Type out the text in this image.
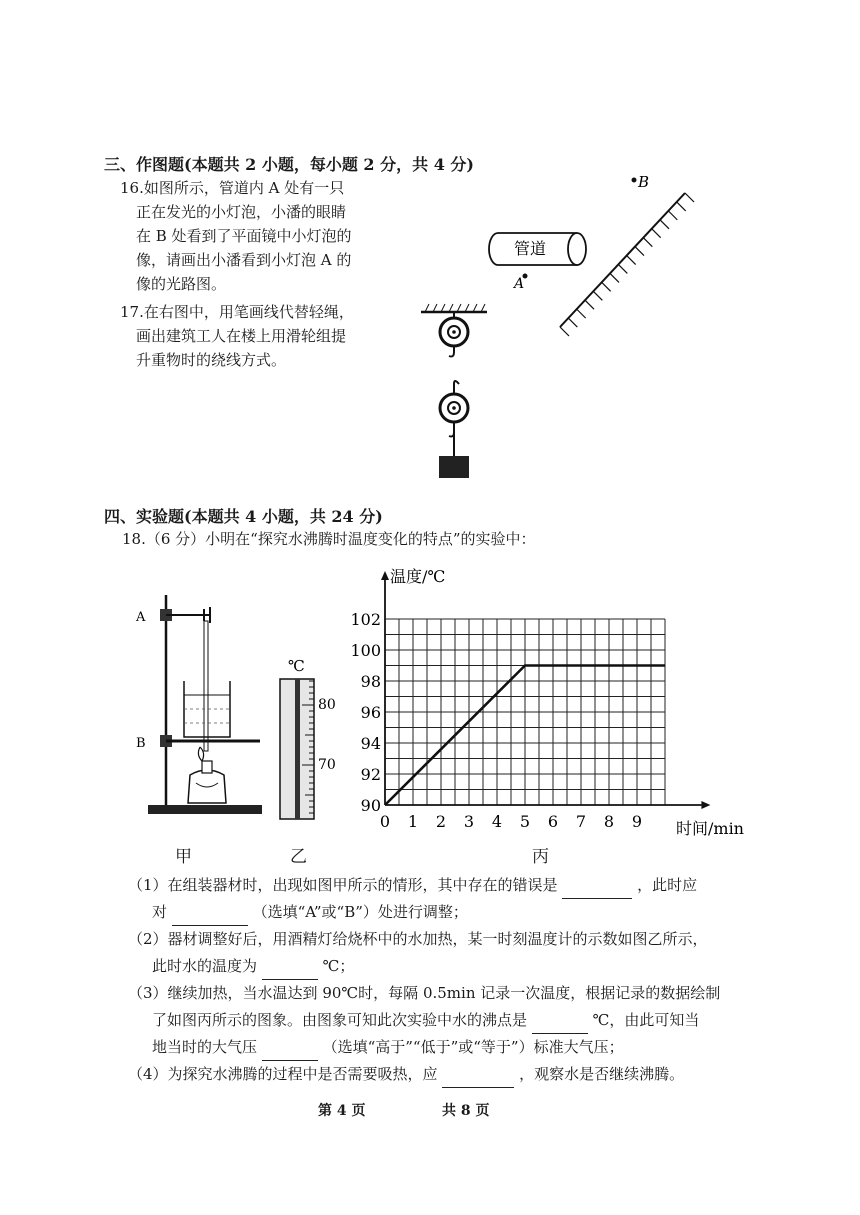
三、作图题(本题共 2 小题，每小题 2 分，共 4 分)
16.如图所示，管道内 A 处有一只
正在发光的小灯泡，小潘的眼睛
在 B 处看到了平面镜中小灯泡的
像，请画出小潘看到小灯泡 A 的
像的光路图。
17.在右图中，用笔画线代替轻绳，
画出建筑工人在楼上用滑轮组提
升重物时的绕线方式。
B
管道
A
四、实验题(本题共 4 小题，共 24 分)
18.（6 分）小明在“探究水沸腾时温度变化的特点”的实验中：
A
B
℃
80
70
0 1 2 3 4 5 6 7 8 9
90
92
94
96
98
100
102
温度/℃
时间/min
甲	乙	丙
（1）在组装器材时，出现如图甲所示的情形，其中存在的错误是	，此时应
对	（选填“A”或“B”）处进行调整；
（2）器材调整好后，用酒精灯给烧杯中的水加热，某一时刻温度计的示数如图乙所示，
此时水的温度为	℃；
（3）继续加热，当水温达到 90℃时，每隔 0.5min 记录一次温度，根据记录的数据绘制
了如图丙所示的图象。由图象可知此次实验中水的沸点是	℃，由此可知当
地当时的大气压	（选填“高于”“低于”或“等于”）标准大气压；
（4）为探究水沸腾的过程中是否需要吸热，应	，观察水是否继续沸腾。
第 4 页	共 8 页
